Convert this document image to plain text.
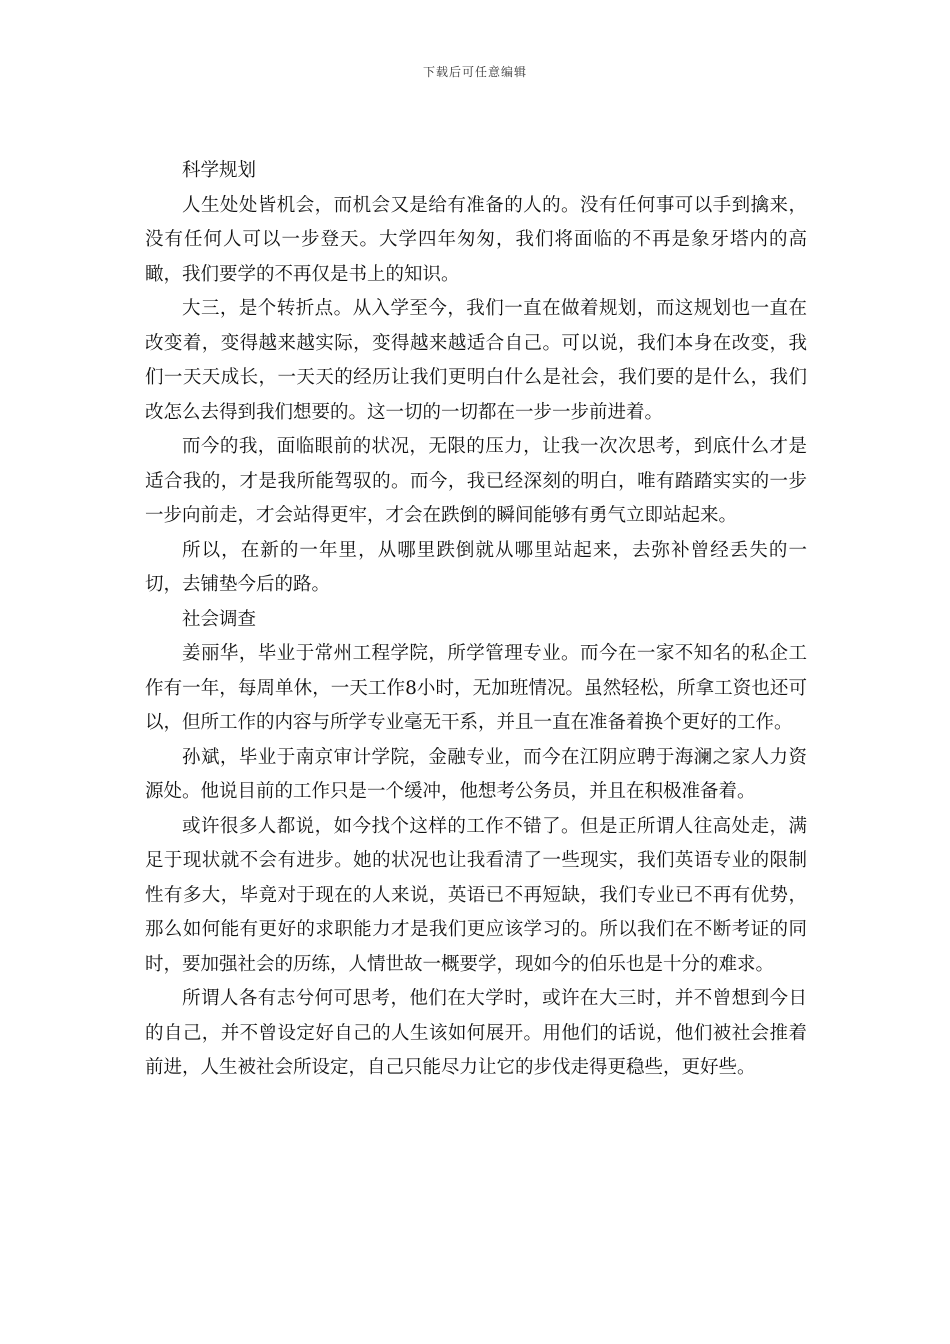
下载后可任意编辑

科学规划

人生处处皆机会，而机会又是给有准备的人的。没有任何事可以手到擒来，没有任何人可以一步登天。大学四年匆匆，我们将面临的不再是象牙塔内的高瞰，我们要学的不再仅是书上的知识。

大三，是个转折点。从入学至今，我们一直在做着规划，而这规划也一直在改变着，变得越来越实际，变得越来越适合自己。可以说，我们本身在改变，我们一天天成长，一天天的经历让我们更明白什么是社会，我们要的是什么，我们改怎么去得到我们想要的。这一切的一切都在一步一步前进着。

而今的我，面临眼前的状况，无限的压力，让我一次次思考，到底什么才是适合我的，才是我所能驾驭的。而今，我已经深刻的明白，唯有踏踏实实的一步一步向前走，才会站得更牢，才会在跌倒的瞬间能够有勇气立即站起来。

所以，在新的一年里，从哪里跌倒就从哪里站起来，去弥补曾经丢失的一切，去铺垫今后的路。

社会调查

姜丽华，毕业于常州工程学院，所学管理专业。而今在一家不知名的私企工作有一年，每周单休，一天工作8小时，无加班情况。虽然轻松，所拿工资也还可以，但所工作的内容与所学专业毫无干系，并且一直在准备着换个更好的工作。

孙斌，毕业于南京审计学院，金融专业，而今在江阴应聘于海澜之家人力资源处。他说目前的工作只是一个缓冲，他想考公务员，并且在积极准备着。

或许很多人都说，如今找个这样的工作不错了。但是正所谓人往高处走，满足于现状就不会有进步。她的状况也让我看清了一些现实，我们英语专业的限制性有多大，毕竟对于现在的人来说，英语已不再短缺，我们专业已不再有优势，那么如何能有更好的求职能力才是我们更应该学习的。所以我们在不断考证的同时，要加强社会的历练，人情世故一概要学，现如今的伯乐也是十分的难求。

所谓人各有志兮何可思考，他们在大学时，或许在大三时，并不曾想到今日的自己，并不曾设定好自己的人生该如何展开。用他们的话说，他们被社会推着前进，人生被社会所设定，自己只能尽力让它的步伐走得更稳些，更好些。
